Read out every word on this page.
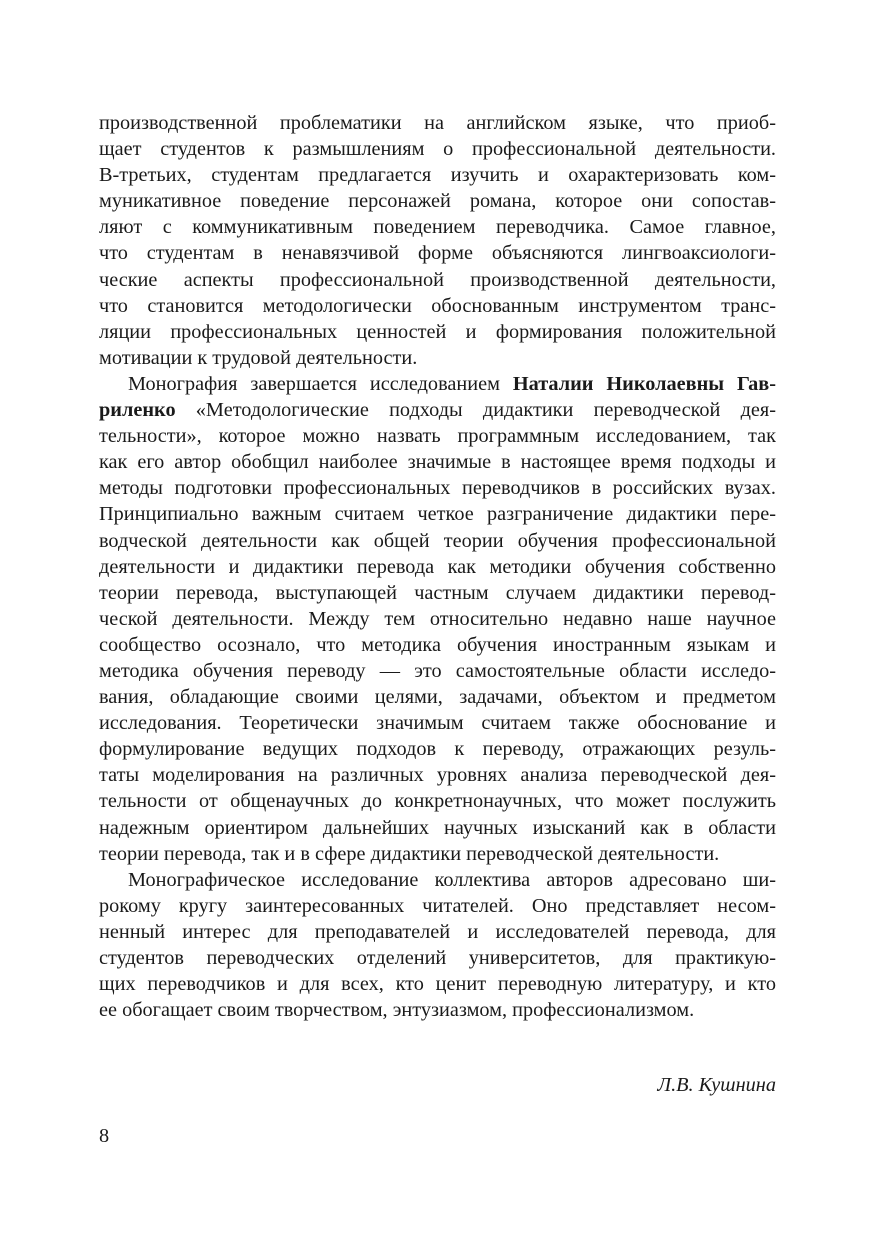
производственной проблематики на английском языке, что приоб-
щает студентов к размышлениям о профессиональной деятельности.
В-третьих, студентам предлагается изучить и охарактеризовать ком-
муникативное поведение персонажей романа, которое они сопостав-
ляют с коммуникативным поведением переводчика. Самое главное,
что студентам в ненавязчивой форме объясняются лингвоаксиологи-
ческие аспекты профессиональной производственной деятельности,
что становится методологически обоснованным инструментом транс-
ляции профессиональных ценностей и формирования положительной
мотивации к трудовой деятельности.
Монография завершается исследованием Наталии Николаевны Гав-
риленко «Методологические подходы дидактики переводческой дея-
тельности», которое можно назвать программным исследованием, так
как его автор обобщил наиболее значимые в настоящее время подходы и
методы подготовки профессиональных переводчиков в российских вузах.
Принципиально важным считаем четкое разграничение дидактики пере-
водческой деятельности как общей теории обучения профессиональной
деятельности и дидактики перевода как методики обучения собственно
теории перевода, выступающей частным случаем дидактики перевод-
ческой деятельности. Между тем относительно недавно наше научное
сообщество осознало, что методика обучения иностранным языкам и
методика обучения переводу — это самостоятельные области исследо-
вания, обладающие своими целями, задачами, объектом и предметом
исследования. Теоретически значимым считаем также обоснование и
формулирование ведущих подходов к переводу, отражающих резуль-
таты моделирования на различных уровнях анализа переводческой дея-
тельности от общенаучных до конкретнонаучных, что может послужить
надежным ориентиром дальнейших научных изысканий как в области
теории перевода, так и в сфере дидактики переводческой деятельности.
Монографическое исследование коллектива авторов адресовано ши-
рокому кругу заинтересованных читателей. Оно представляет несом-
ненный интерес для преподавателей и исследователей перевода, для
студентов переводческих отделений университетов, для практикую-
щих переводчиков и для всех, кто ценит переводную литературу, и кто
ее обогащает своим творчеством, энтузиазмом, профессионализмом.
Л.В. Кушнина
8
